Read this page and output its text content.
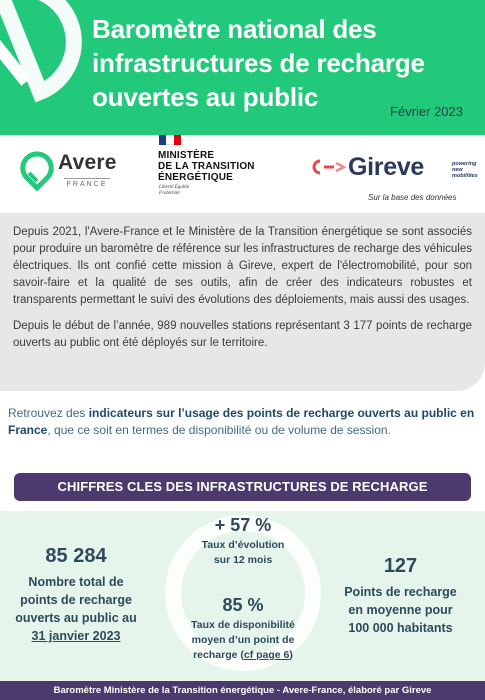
Baromètre national des infrastructures de recharge ouvertes au public	Février 2023
Avere
FRANCE
MINISTÈRE
DE LA TRANSITION
ÉNERGÉTIQUE
Liberté Égalité Fraternité
Gireve	powering new mobilities
Sur la base des données

Depuis 2021, l'Avere-France et le Ministère de la Transition énergétique se sont associés pour produire un baromètre de référence sur les infrastructures de recharge des véhicules électriques. Ils ont confié cette mission à Gireve, expert de l'électromobilité, pour son savoir-faire et la qualité de ses outils, afin de créer des indicateurs robustes et transparents permettant le suivi des évolutions des déploiements, mais aussi des usages.

Depuis le début de l’année, 989 nouvelles stations représentant 3 177 points de recharge ouverts au public ont été déployés sur le territoire.

Retrouvez des indicateurs sur l’usage des points de recharge ouverts au public en France, que ce soit en termes de disponibilité ou de volume de session.
CHIFFRES CLES DES INFRASTRUCTURES DE RECHARGE
85 284
Nombre total de
points de recharge
ouverts au public au
31 janvier 2023
+ 57 %
Taux d’évolution
sur 12 mois
85 %
Taux de disponibilité
moyen d’un point de
recharge (cf page 6)
127
Points de recharge
en moyenne pour
100 000 habitants
Baromètre Ministère de la Transition énergétique - Avere-France, élaboré par Gireve
